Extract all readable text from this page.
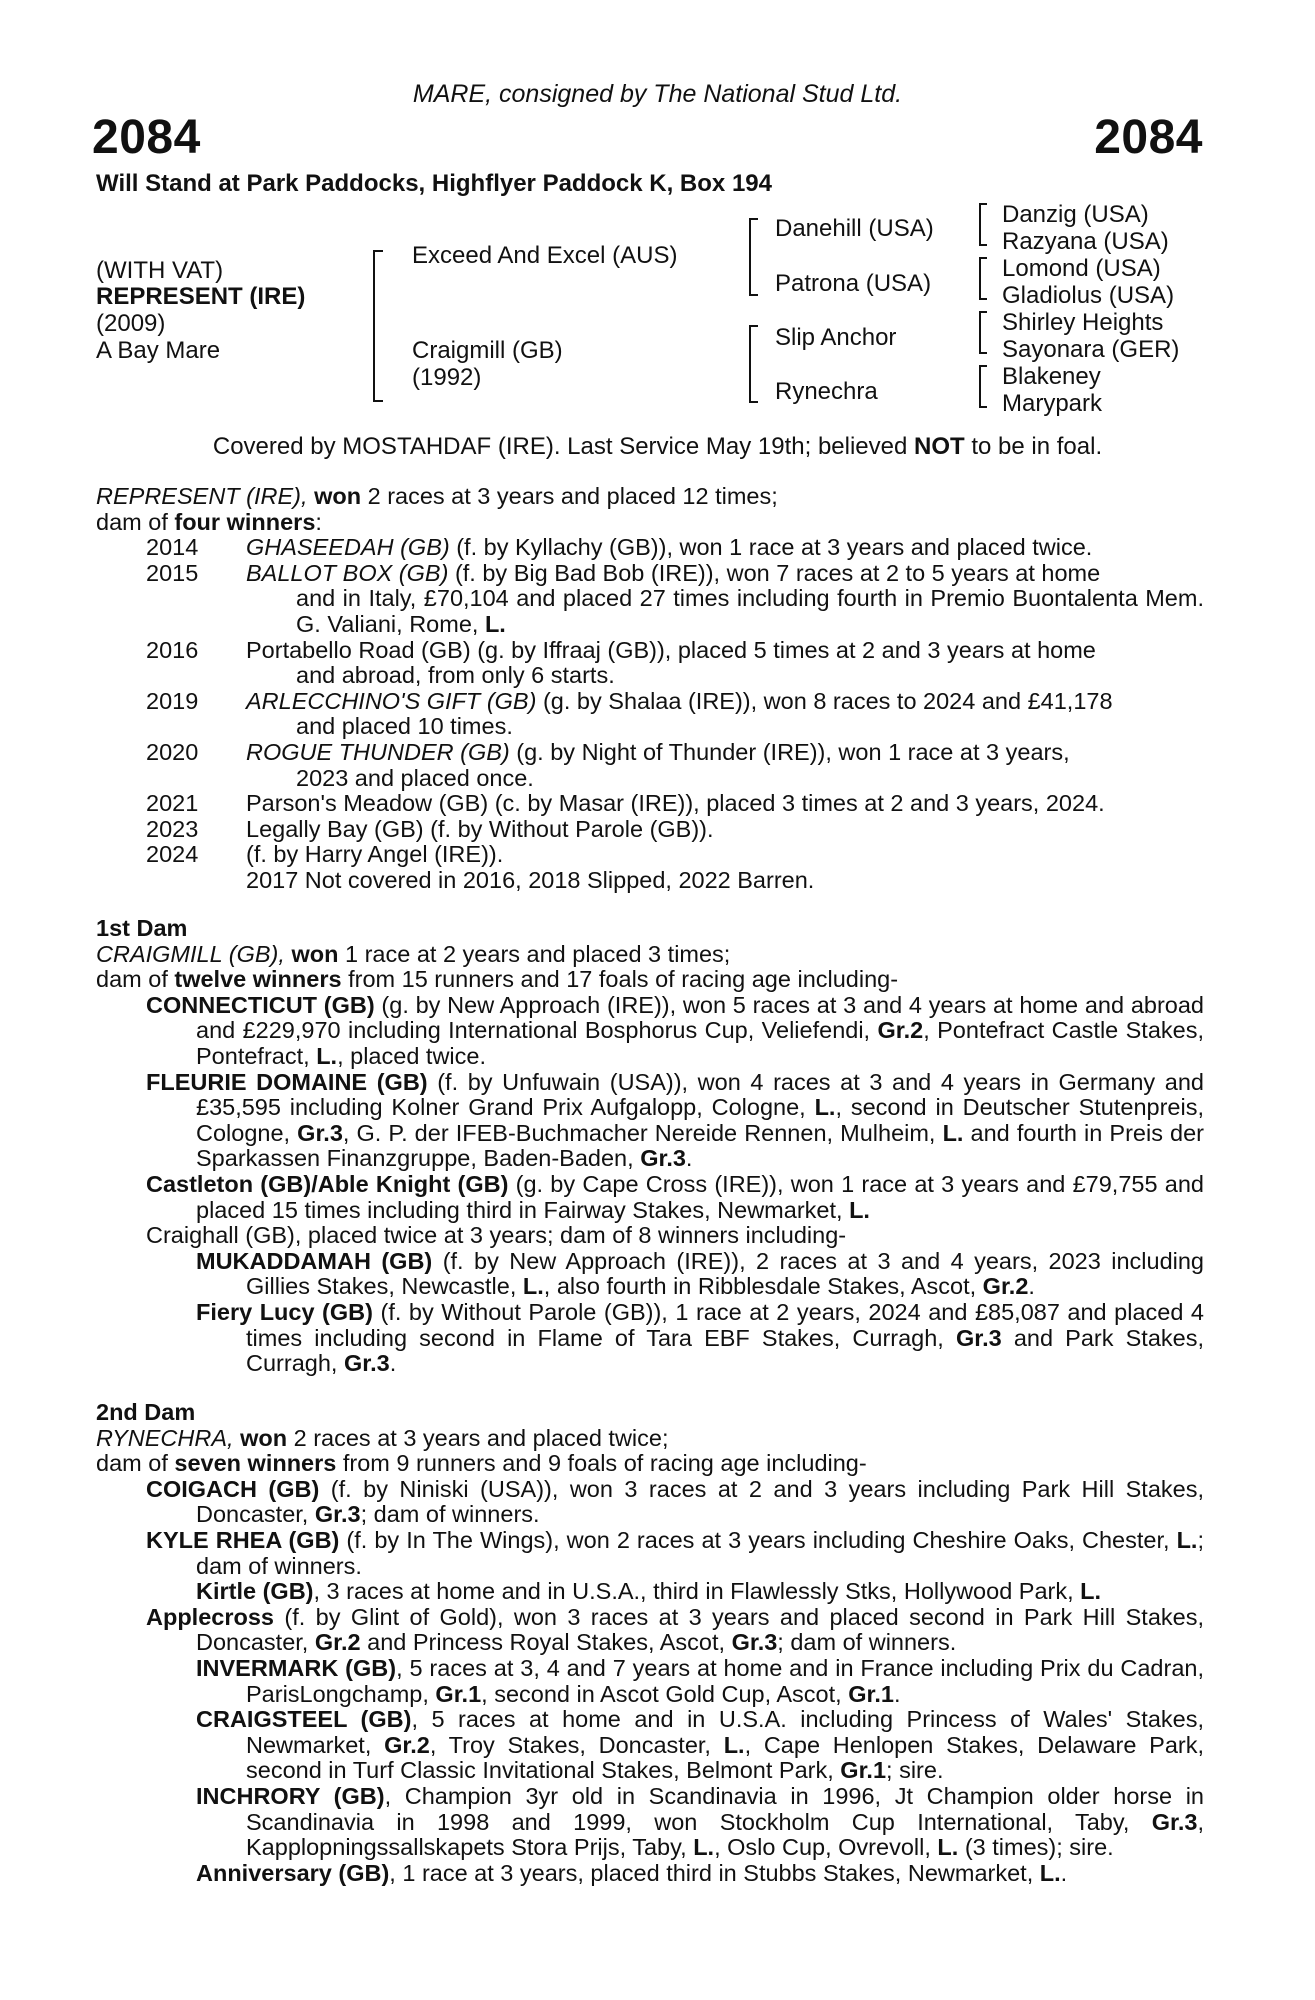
MARE, consigned by The National Stud Ltd.
2084	2084
Will Stand at Park Paddocks, Highflyer Paddock K, Box 194
(WITH VAT)
REPRESENT (IRE)
(2009)
A Bay Mare
Exceed And Excel (AUS)
Craigmill (GB)
(1992)
Danehill (USA)
Patrona (USA)
Slip Anchor
Rynechra
Danzig (USA)
Razyana (USA)
Lomond (USA)
Gladiolus (USA)
Shirley Heights
Sayonara (GER)
Blakeney
Marypark
Covered by MOSTAHDAF (IRE). Last Service May 19th; believed NOT to be in foal.

REPRESENT (IRE), won 2 races at 3 years and placed 12 times;

dam of four winners:

2014	GHASEEDAH (GB) (f. by Kyllachy (GB)), won 1 race at 3 years and placed twice.
2015	BALLOT BOX (GB) (f. by Big Bad Bob (IRE)), won 7 races at 2 to 5 years at home
and in Italy, £70,104 and placed 27 times including fourth in Premio Buontalenta Mem. G. Valiani, Rome, L.
2016	Portabello Road (GB) (g. by Iffraaj (GB)), placed 5 times at 2 and 3 years at home
and abroad, from only 6 starts.
2019	ARLECCHINO'S GIFT (GB) (g. by Shalaa (IRE)), won 8 races to 2024 and £41,178
and placed 10 times.
2020	ROGUE THUNDER (GB) (g. by Night of Thunder (IRE)), won 1 race at 3 years,
2023 and placed once.
2021	Parson's Meadow (GB) (c. by Masar (IRE)), placed 3 times at 2 and 3 years, 2024.
2023	Legally Bay (GB) (f. by Without Parole (GB)).
2024	(f. by Harry Angel (IRE)).

2017 Not covered in 2016, 2018 Slipped, 2022 Barren.

1st Dam

CRAIGMILL (GB), won 1 race at 2 years and placed 3 times;

dam of twelve winners from 15 runners and 17 foals of racing age including-

CONNECTICUT (GB) (g. by New Approach (IRE)), won 5 races at 3 and 4 years at home and abroad and £229,970 including International Bosphorus Cup, Veliefendi, Gr.2, Pontefract Castle Stakes, Pontefract, L., placed twice.

FLEURIE DOMAINE (GB) (f. by Unfuwain (USA)), won 4 races at 3 and 4 years in Germany and £35,595 including Kolner Grand Prix Aufgalopp, Cologne, L., second in Deutscher Stutenpreis, Cologne, Gr.3, G. P. der IFEB-Buchmacher Nereide Rennen, Mulheim, L. and fourth in Preis der Sparkassen Finanzgruppe, Baden-Baden, Gr.3.

Castleton (GB)/Able Knight (GB) (g. by Cape Cross (IRE)), won 1 race at 3 years and £79,755 and placed 15 times including third in Fairway Stakes, Newmarket, L.

Craighall (GB), placed twice at 3 years; dam of 8 winners including-

MUKADDAMAH (GB) (f. by New Approach (IRE)), 2 races at 3 and 4 years, 2023 including Gillies Stakes, Newcastle, L., also fourth in Ribblesdale Stakes, Ascot, Gr.2.

Fiery Lucy (GB) (f. by Without Parole (GB)), 1 race at 2 years, 2024 and £85,087 and placed 4 times including second in Flame of Tara EBF Stakes, Curragh, Gr.3 and Park Stakes, Curragh, Gr.3.

2nd Dam

RYNECHRA, won 2 races at 3 years and placed twice;

dam of seven winners from 9 runners and 9 foals of racing age including-

COIGACH (GB) (f. by Niniski (USA)), won 3 races at 2 and 3 years including Park Hill Stakes, Doncaster, Gr.3; dam of winners.

KYLE RHEA (GB) (f. by In The Wings), won 2 races at 3 years including Cheshire Oaks, Chester, L.; dam of winners.

Kirtle (GB), 3 races at home and in U.S.A., third in Flawlessly Stks, Hollywood Park, L.

Applecross (f. by Glint of Gold), won 3 races at 3 years and placed second in Park Hill Stakes, Doncaster, Gr.2 and Princess Royal Stakes, Ascot, Gr.3; dam of winners.

INVERMARK (GB), 5 races at 3, 4 and 7 years at home and in France including Prix du Cadran, ParisLongchamp, Gr.1, second in Ascot Gold Cup, Ascot, Gr.1.

CRAIGSTEEL (GB), 5 races at home and in U.S.A. including Princess of Wales' Stakes, Newmarket, Gr.2, Troy Stakes, Doncaster, L., Cape Henlopen Stakes, Delaware Park, second in Turf Classic Invitational Stakes, Belmont Park, Gr.1; sire.

INCHRORY (GB), Champion 3yr old in Scandinavia in 1996, Jt Champion older horse in Scandinavia in 1998 and 1999, won Stockholm Cup International, Taby, Gr.3, Kapplopningssallskapets Stora Prijs, Taby, L., Oslo Cup, Ovrevoll, L. (3 times); sire.

Anniversary (GB), 1 race at 3 years, placed third in Stubbs Stakes, Newmarket, L..
